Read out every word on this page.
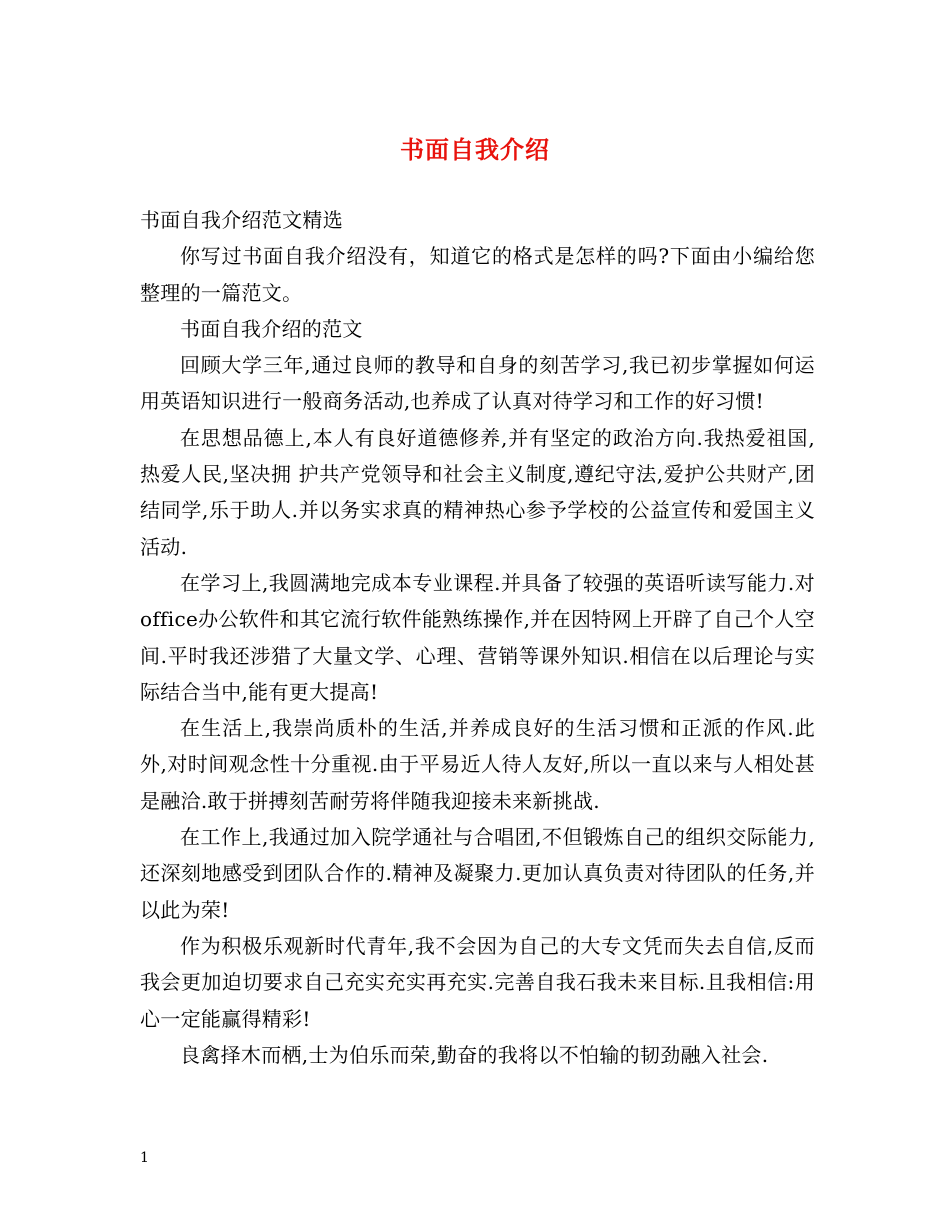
书面自我介绍

书面自我介绍范文精选

你写过书面自我介绍没有，知道它的格式是怎样的吗?下面由小编给您整理的一篇范文。

书面自我介绍的范文

回顾大学三年,通过良师的教导和自身的刻苦学习,我已初步掌握如何运用英语知识进行一般商务活动,也养成了认真对待学习和工作的好习惯!

在思想品德上,本人有良好道德修养,并有坚定的政治方向.我热爱祖国,热爱人民,坚决拥 护共产党领导和社会主义制度,遵纪守法,爱护公共财产,团结同学,乐于助人.并以务实求真的精神热心参予学校的公益宣传和爱国主义活动.

在学习上,我圆满地完成本专业课程.并具备了较强的英语听读写能力.对office办公软件和其它流行软件能熟练操作,并在因特网上开辟了自己个人空间.平时我还涉猎了大量文学、心理、营销等课外知识.相信在以后理论与实际结合当中,能有更大提高!

在生活上,我崇尚质朴的生活,并养成良好的生活习惯和正派的作风.此外,对时间观念性十分重视.由于平易近人待人友好,所以一直以来与人相处甚是融洽.敢于拼搏刻苦耐劳将伴随我迎接未来新挑战.

在工作上,我通过加入院学通社与合唱团,不但锻炼自己的组织交际能力,还深刻地感受到团队合作的.精神及凝聚力.更加认真负责对待团队的任务,并以此为荣!

作为积极乐观新时代青年,我不会因为自己的大专文凭而失去自信,反而我会更加迫切要求自己充实充实再充实.完善自我石我未来目标.且我相信:用心一定能赢得精彩!

良禽择木而栖,士为伯乐而荣,勤奋的我将以不怕输的韧劲融入社会.

1
